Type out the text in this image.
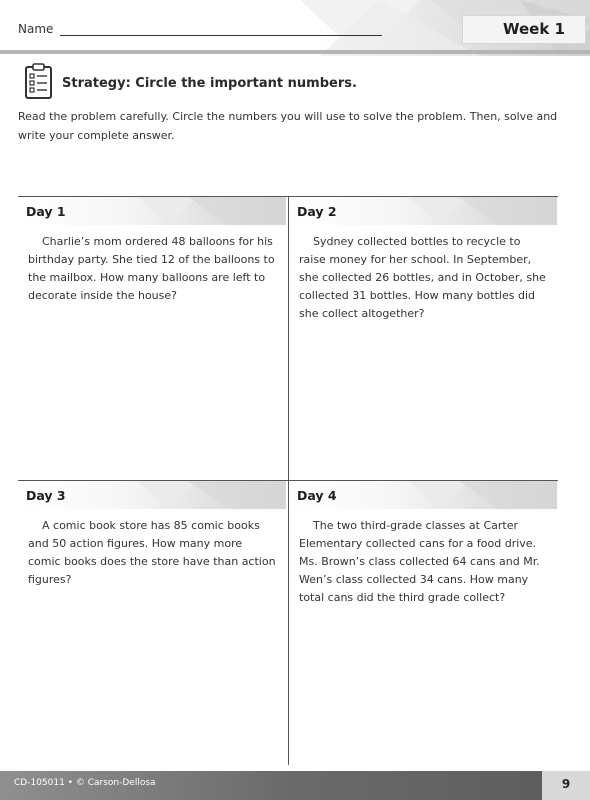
Name	Week 1
Strategy: Circle the important numbers.
Read the problem carefully. Circle the numbers you will use to solve the problem. Then, solve and write your complete answer.
Day 1
Charlie’s mom ordered 48 balloons for his birthday party. She tied 12 of the balloons to the mailbox. How many balloons are left to decorate inside the house?
Day 2
Sydney collected bottles to recycle to raise money for her school. In September, she collected 26 bottles, and in October, she collected 31 bottles. How many bottles did she collect altogether?
Day 3
A comic book store has 85 comic books and 50 action figures. How many more comic books does the store have than action figures?
Day 4
The two third-grade classes at Carter Elementary collected cans for a food drive. Ms. Brown’s class collected 64 cans and Mr. Wen’s class collected 34 cans. How many total cans did the third grade collect?
CD-105011 • © Carson-Dellosa	9
